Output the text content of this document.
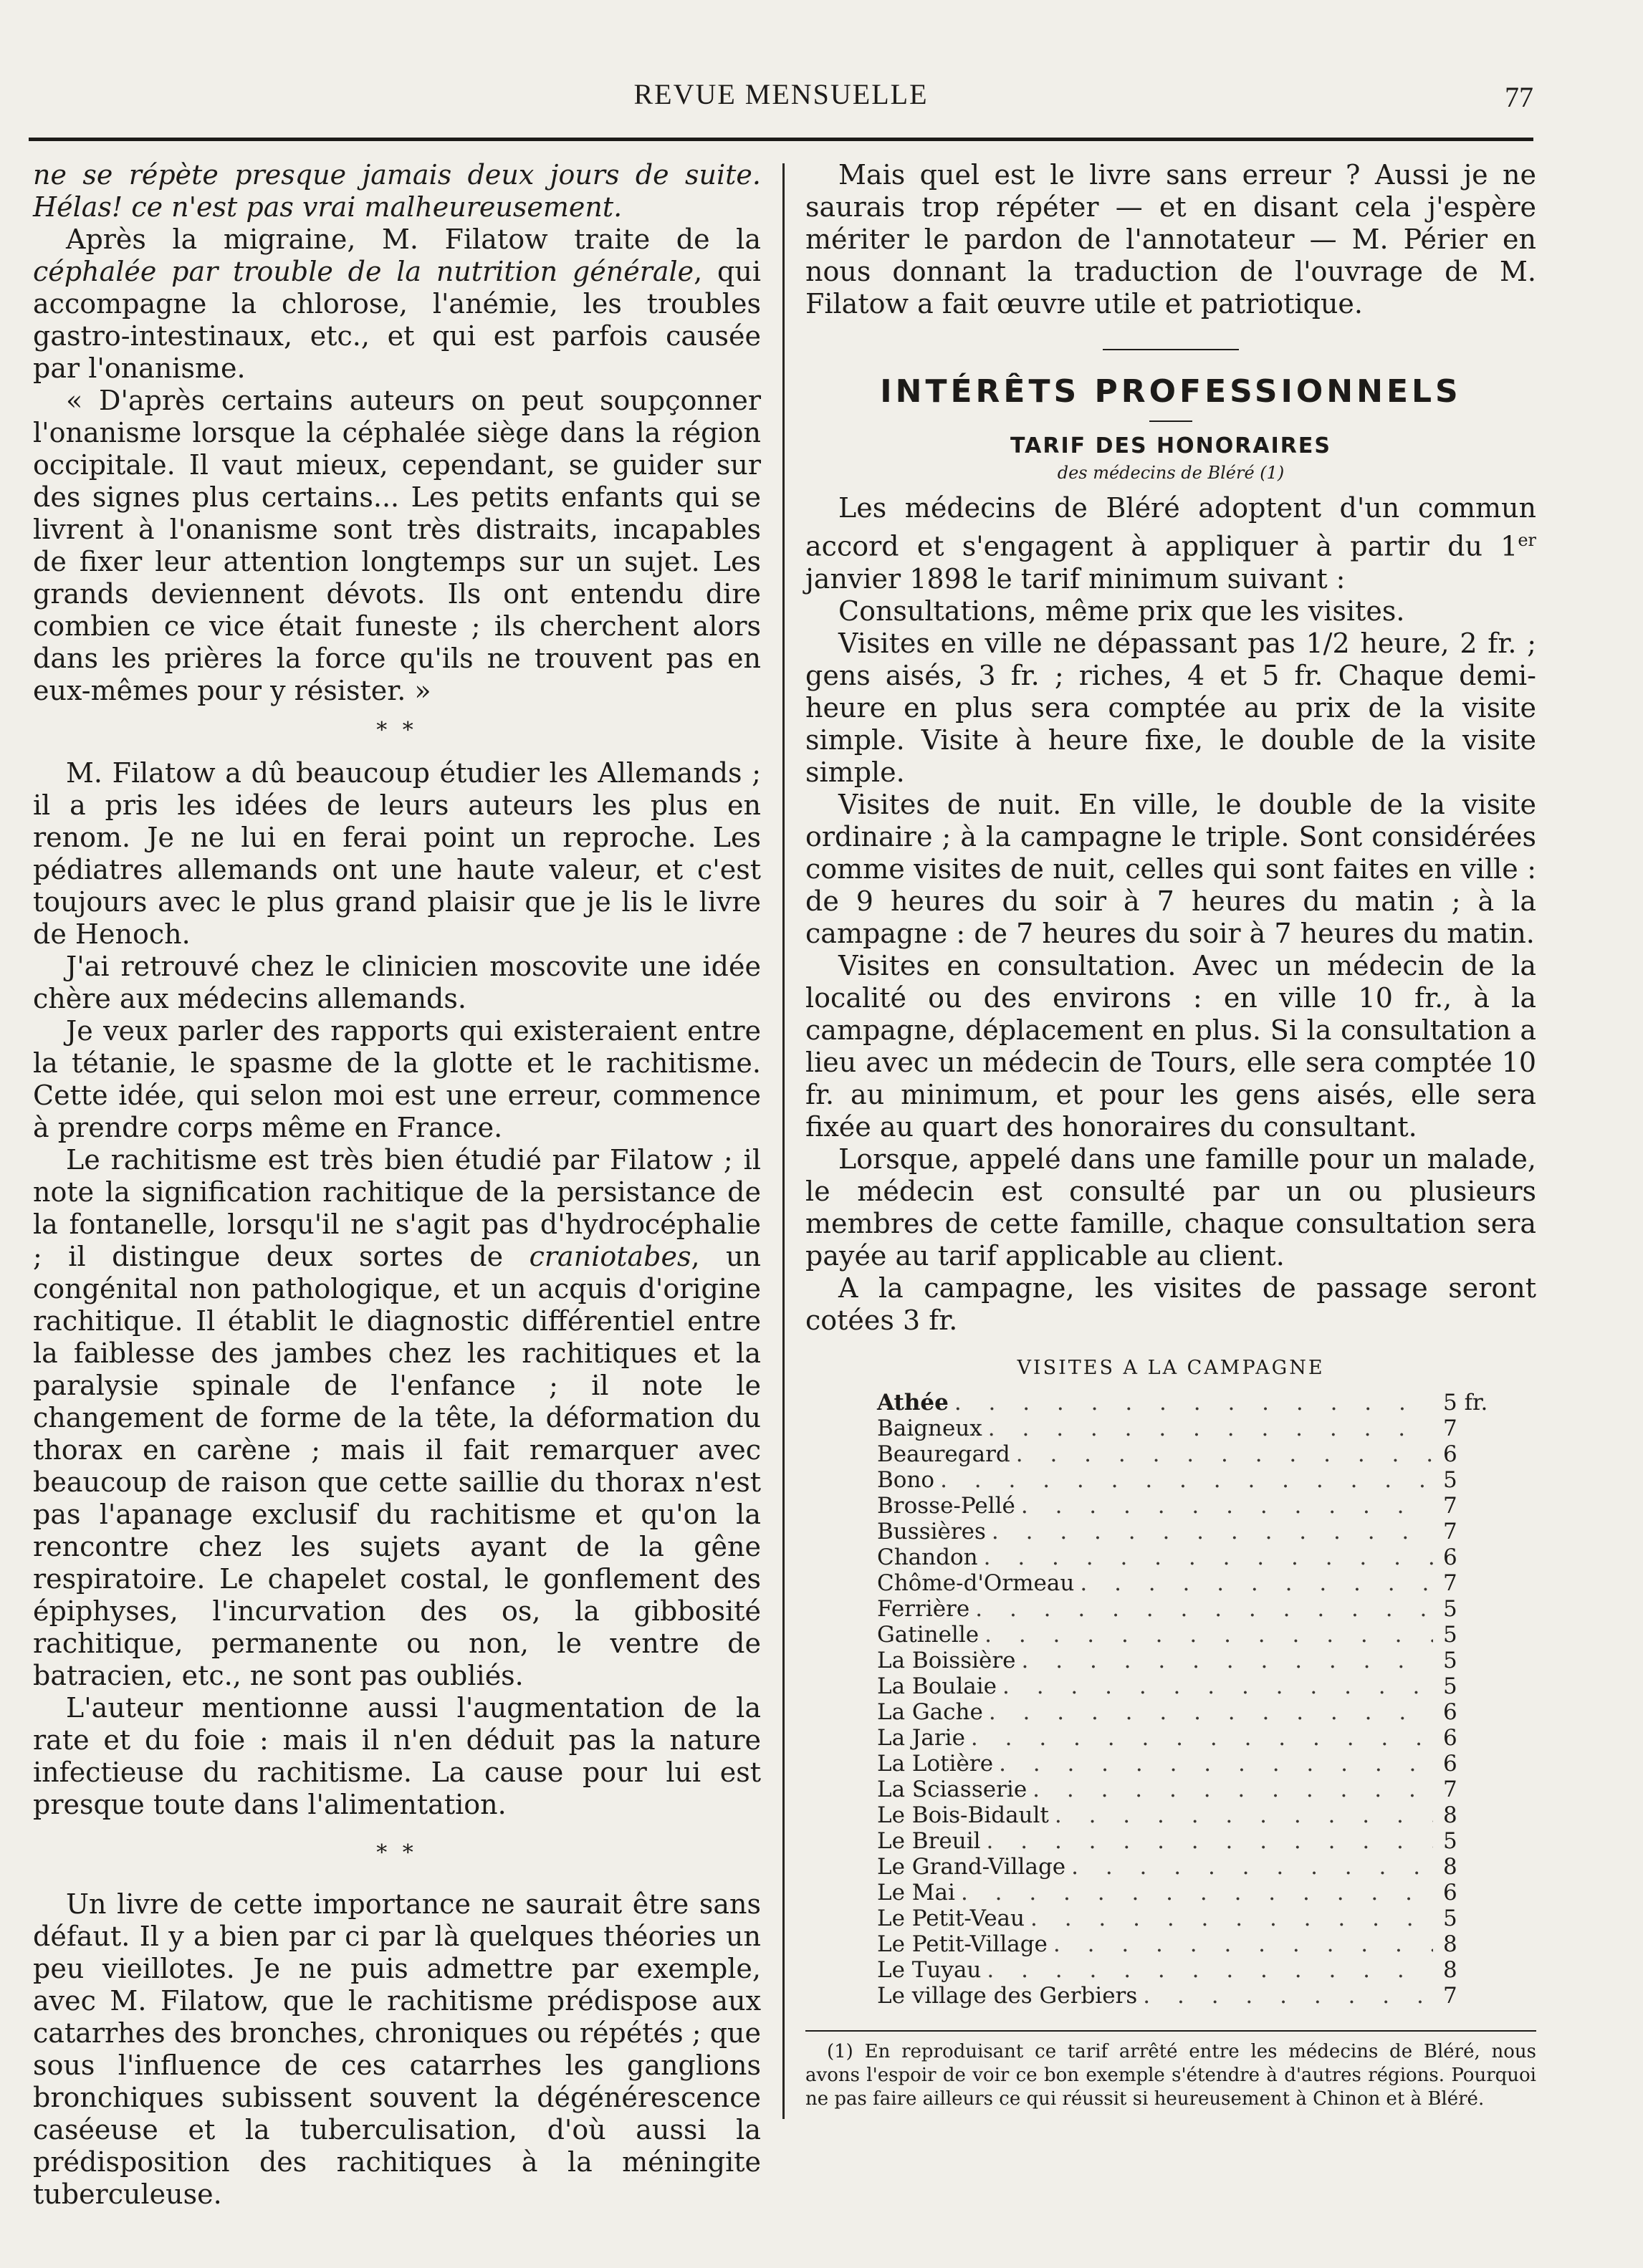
REVUE MENSUELLE	77

ne se répète presque jamais deux jours de suite. Hélas! ce n'est pas vrai malheureusement.

Après la migraine, M. Filatow traite de la céphalée par trouble de la nutrition générale, qui accompagne la chlorose, l'anémie, les troubles gastro-intestinaux, etc., et qui est parfois causée par l'onanisme.

« D'après certains auteurs on peut soupçonner l'onanisme lorsque la céphalée siège dans la région occipitale. Il vaut mieux, cependant, se guider sur des signes plus certains... Les petits enfants qui se livrent à l'onanisme sont très distraits, incapables de fixer leur attention longtemps sur un sujet. Les grands deviennent dévots. Ils ont entendu dire combien ce vice était funeste ; ils cherchent alors dans les prières la force qu'ils ne trouvent pas en eux-mêmes pour y résister. »

* *

M. Filatow a dû beaucoup étudier les Allemands ; il a pris les idées de leurs auteurs les plus en renom. Je ne lui en ferai point un reproche. Les pédiatres allemands ont une haute valeur, et c'est toujours avec le plus grand plaisir que je lis le livre de Henoch.

J'ai retrouvé chez le clinicien moscovite une idée chère aux médecins allemands.

Je veux parler des rapports qui existeraient entre la tétanie, le spasme de la glotte et le rachitisme. Cette idée, qui selon moi est une erreur, commence à prendre corps même en France.

Le rachitisme est très bien étudié par Filatow ; il note la signification rachitique de la persistance de la fontanelle, lorsqu'il ne s'agit pas d'hydrocéphalie ; il distingue deux sortes de craniotabes, un congénital non pathologique, et un acquis d'origine rachitique. Il établit le diagnostic différentiel entre la faiblesse des jambes chez les rachitiques et la paralysie spinale de l'enfance ; il note le changement de forme de la tête, la déformation du thorax en carène ; mais il fait remarquer avec beaucoup de raison que cette saillie du thorax n'est pas l'apanage exclusif du rachitisme et qu'on la rencontre chez les sujets ayant de la gêne respiratoire. Le chapelet costal, le gonflement des épiphyses, l'incurvation des os, la gibbosité rachitique, permanente ou non, le ventre de batracien, etc., ne sont pas oubliés.

L'auteur mentionne aussi l'augmentation de la rate et du foie : mais il n'en déduit pas la nature infectieuse du rachitisme. La cause pour lui est presque toute dans l'alimentation.

* *

Un livre de cette importance ne saurait être sans défaut. Il y a bien par ci par là quelques théories un peu vieillotes. Je ne puis admettre par exemple, avec M. Filatow, que le rachitisme prédispose aux catarrhes des bronches, chroniques ou répétés ; que sous l'influence de ces catarrhes les ganglions bronchiques subissent souvent la dégénérescence caséeuse et la tuberculisation, d'où aussi la prédisposition des rachitiques à la méningite tuberculeuse.

Mais quel est le livre sans erreur ? Aussi je ne saurais trop répéter — et en disant cela j'espère mériter le pardon de l'annotateur — M. Périer en nous donnant la traduction de l'ouvrage de M. Filatow a fait œuvre utile et patriotique.

INTÉRÊTS PROFESSIONNELS
TARIF DES HONORAIRES
des médecins de Bléré (1)

Les médecins de Bléré adoptent d'un commun accord et s'engagent à appliquer à partir du 1er janvier 1898 le tarif minimum suivant :

Consultations, même prix que les visites.

Visites en ville ne dépassant pas 1/2 heure, 2 fr. ; gens aisés, 3 fr. ; riches, 4 et 5 fr. Chaque demi-heure en plus sera comptée au prix de la visite simple. Visite à heure fixe, le double de la visite simple.

Visites de nuit. En ville, le double de la visite ordinaire ; à la campagne le triple. Sont considérées comme visites de nuit, celles qui sont faites en ville : de 9 heures du soir à 7 heures du matin ; à la campagne : de 7 heures du soir à 7 heures du matin.

Visites en consultation. Avec un médecin de la localité ou des environs : en ville 10 fr., à la campagne, déplacement en plus. Si la consultation a lieu avec un médecin de Tours, elle sera comptée 10 fr. au minimum, et pour les gens aisés, elle sera fixée au quart des honoraires du consultant.

Lorsque, appelé dans une famille pour un malade, le médecin est consulté par un ou plusieurs membres de cette famille, chaque consultation sera payée au tarif applicable au client.

A la campagne, les visites de passage seront cotées 3 fr.

VISITES A LA CAMPAGNE
Athée . . .	5 fr.
Baigneux . . .	7
Beauregard . . .	6
Bono . . .	5
Brosse-Pellé . . .	7
Bussières . . .	7
Chandon . . .	6
Chôme-d'Ormeau . . .	7
Ferrière . . .	5
Gatinelle . . .	5
La Boissière . . .	5
La Boulaie . . .	5
La Gache . . .	6
La Jarie . . .	6
La Lotière . . .	6
La Sciasserie . . .	7
Le Bois-Bidault . . .	8
Le Breuil . . .	5
Le Grand-Village . . .	8
Le Mai . . .	6
Le Petit-Veau . . .	5
Le Petit-Village . . .	8
Le Tuyau . . .	8
Le village des Gerbiers . . .	7
(1) En reproduisant ce tarif arrêté entre les médecins de Bléré, nous avons l'espoir de voir ce bon exemple s'étendre à d'autres régions. Pourquoi ne pas faire ailleurs ce qui réussit si heureusement à Chinon et à Bléré.
